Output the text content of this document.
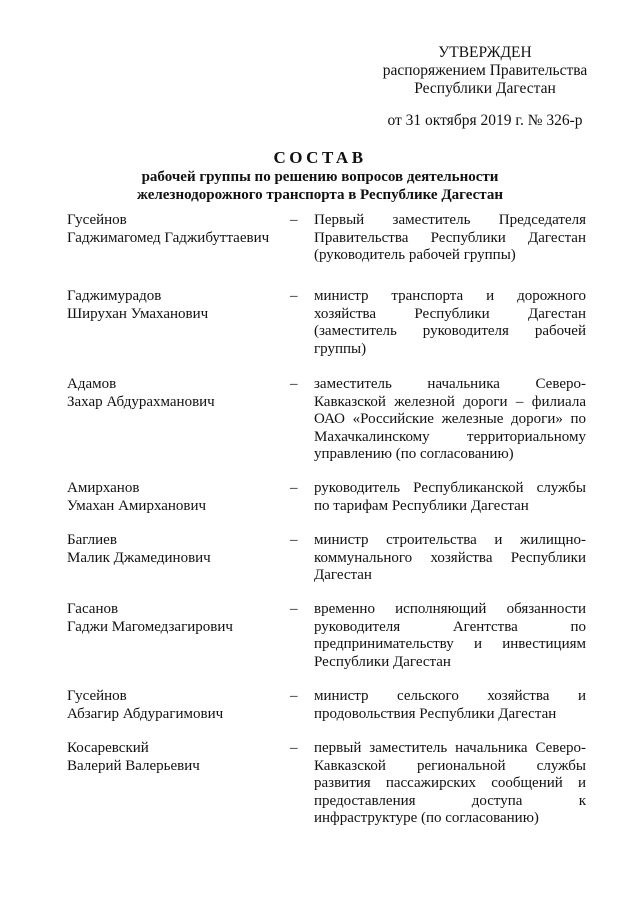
УТВЕРЖДЕН
распоряжением Правительства
Республики Дагестан
от 31 октября 2019 г. № 326-р
СОСТАВ
рабочей группы по решению вопросов деятельности железнодорожного транспорта в Республике Дагестан
Гусейнов
Гаджимагомед Гаджибуттаевич
– Первый заместитель Председателя Правительства Республики Дагестан (руководитель рабочей группы)
Гаджимурадов
Ширухан Умаханович
– министр транспорта и дорожного хозяйства Республики Дагестан (заместитель руководителя рабочей группы)
Адамов
Захар Абдурахманович
– заместитель начальника Северо-Кавказской железной дороги – филиала ОАО «Российские железные дороги» по Махачкалинскому территориальному управлению (по согласованию)
Амирханов
Умахан Амирханович
– руководитель Республиканской службы по тарифам Республики Дагестан
Баглиев
Малик Джамединович
– министр строительства и жилищно-коммунального хозяйства Республики Дагестан
Гасанов
Гаджи Магомедзагирович
– временно исполняющий обязанности руководителя Агентства по предпринимательству и инвестициям Республики Дагестан
Гусейнов
Абзагир Абдурагимович
– министр сельского хозяйства и продовольствия Республики Дагестан
Косаревский
Валерий Валерьевич
– первый заместитель начальника Северо-Кавказской региональной службы развития пассажирских сообщений и предоставления доступа к инфраструктуре (по согласованию)
